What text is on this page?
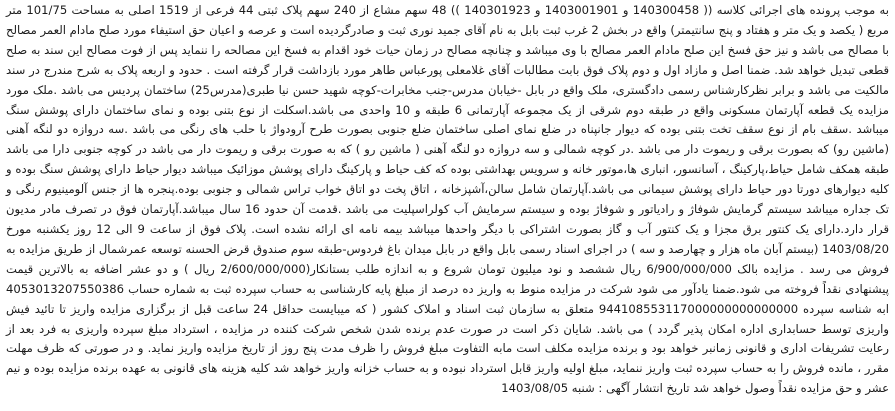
به موجب پرونده های اجرائی کلاسه (( 140300458 و 1403001901 و 140301923 )) 48 سهم مشاع از 240 سهم پلاک ثبتی 44 فرعی از 1519 اصلی به مساحت 101/75 متر مربع ( یکصد و یک متر و هفتاد و پنج سانتیمتر) واقع در بخش 2 غرب ثبت بابل به نام آقای جمید نوری ثبت و صادرگردیده است و عرصه و اعیان حق استیفاء مورد صلح مادام العمر مصالح با مصالح می باشد و نیز حق فسخ این صلح مادام العمر مصالح با وی میباشد و چنانچه مصالح در زمان حیات خود اقدام به فسخ این مصالحه را ننماید پس از فوت مصالح این سند به صلح قطعی تبدیل خواهد شد. ضمنا اصل و مازاد اول و دوم پلاک فوق بابت مطالبات آقای غلامعلی پورعباس طاهر مورد بازداشت قرار گرفته است . حدود و اربعه پلاک به شرح مندرج در سند مالکیت می باشد و برابر نظرکارشناس رسمی دادگستری، ملک واقع در بابل -خیابان مدرس-جنب مخابرات-کوچه شهید حسن نیا طبری(مدرس25) ساختمان پردیس می باشد .ملک مورد مزایده یک قطعه آپارتمان مسکونی واقع در طبقه دوم شرقی از یک مجموعه آپارتمانی 6 طبقه و 10 واحدی می باشد.اسکلت از نوع بتنی بوده و نمای ساختمان دارای پوشش سنگ میباشد .سقف بام از نوع سقف تخت بتنی بوده که دیوار جانپناه در ضلع نمای اصلی ساختمان ضلع جنوبی بصورت طرح آرودواژ با حلب های رنگی می باشد .سه دروازه دو لنگه آهنی (ماشین رو) که بصورت برقی و ریموت دار می باشد .در کوچه شمالی و سه دروازه دو لنگه آهنی ( ماشین رو ) که به صورت برقی و ریموت دار می باشد در کوچه جنوبی دارا می باشد طبقه همکف شامل حیاط،پارکینگ ، آسانسور، انباری ها،موتور خانه و سرویس بهداشتی بوده که کف حیاط و پارکینگ دارای پوشش موزائیک میباشد دیوار حیاط دارای پوشش سنگ بوده و کلیه دیوارهای دورتا دور حیاط دارای پوشش سیمانی می باشد.آپارتمان شامل سالن،آشپزخانه ، اتاق پخت دو اتاق خواب تراس شمالی و جنوبی بوده.پنجره ها از جنس آلومینیوم رنگی و تک جداره میباشد سیستم گرمایش شوفاژ و رادیاتور و شوفاژ بوده و سیستم سرمایش آب کولراسپلیت می باشد .قدمت آن حدود 16 سال میباشد.آپارتمان فوق در تصرف مادر مدیون قرار دارد.دارای یک کنتور برق مجزا و یک کنتور آب و گاز بصورت اشتراکی با دیگر واحدها میباشد بیمه نامه ای ارائه نشده است. پلاک فوق از ساعت 9 الی 12 روز یکشنبه مورخ 1403/08/20 (بیستم آبان ماه هزار و چهارصد و سه ) در اجرای اسناد رسمی بابل واقع در بابل میدان باغ فردوس-طبقه سوم صندوق قرض الحسنه توسعه عمرشمال از طریق مزایده به فروش می رسد . مزایده بالک 6/900/000/000 ریال ششصد و نود میلیون تومان شروع و به اندازه طلب بستانکار(2/600/000/000 ریال ) و دو عشر اضافه به بالاترین قیمت پیشنهادی نقداً فروخته می شود.ضمنا یادآور می شود شرکت در مزایده منوط به واریز ده درصد از مبلغ پایه کارشناسی به حساب سپرده ثبت به شماره حساب 4053013207550386 ابه شناسه سپرده 944108553117000000000000000 متعلق به سازمان ثبت اسناد و املاک کشور ( که میبایست حداقل 24 ساعت قبل از برگزاری مزایده واریز تا تائید فیش واریزی توسط حسابداری اداره امکان پذیر گردد ) می باشد. شایان ذکر است در صورت عدم برنده شدن شخص شرکت کننده در مزایده ، استرداد مبلغ سپرده واریزی به فرد بعد از رعایت تشریفات اداری و قانونی زمانبر خواهد بود و برنده مزایده مکلف است مابه التفاوت مبلغ فروش را ظرف مدت پنج روز از تاریخ مزایده واریز نماید. و در صورتی که ظرف مهلت مقرر ، مانده فروش را به حساب سپرده ثبت واریز ننماید، مبلغ اولیه واریز قابل استرداد نبوده و به حساب خزانه واریز خواهد شد کلیه هزینه های قانونی به عهده برنده مزایده بوده و نیم عشر و حق مزایده نقداً وصول خواهد شد تاریخ انتشار آگهی : شنبه 1403/08/05
